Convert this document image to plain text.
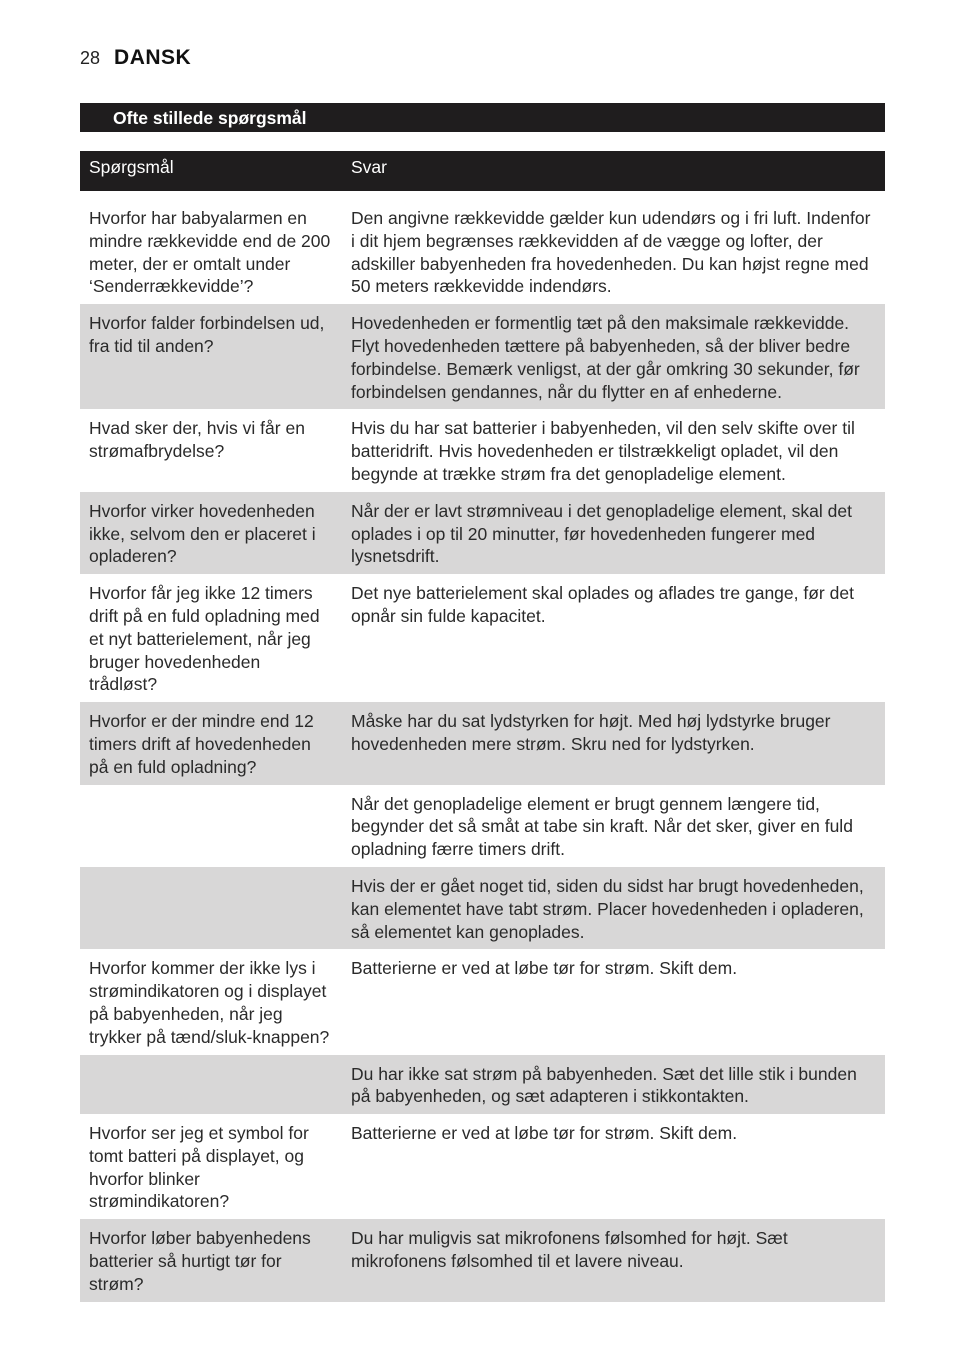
28 DANSK
Ofte stillede spørgsmål
Spørgsmål	Svar

Hvorfor har babyalarmen en mindre rækkevidde end de 200 meter, der er omtalt under ‘Senderrækkevidde’?	Den angivne rækkevidde gælder kun udendørs og i fri luft. Indenfor i dit hjem begrænses rækkevidden af de vægge og lofter, der adskiller babyenheden fra hovedenheden. Du kan højst regne med 50 meters rækkevidde indendørs.
Hvorfor falder forbindelsen ud, fra tid til anden?	Hovedenheden er formentlig tæt på den maksimale rækkevidde. Flyt hovedenheden tættere på babyenheden, så der bliver bedre forbindelse. Bemærk venligst, at der går omkring 30 sekunder, før forbindelsen gendannes, når du flytter en af enhederne.
Hvad sker der, hvis vi får en strømafbrydelse?	Hvis du har sat batterier i babyenheden, vil den selv skifte over til batteridrift. Hvis hovedenheden er tilstrækkeligt opladet, vil den begynde at trække strøm fra det genopladelige element.
Hvorfor virker hovedenheden ikke, selvom den er placeret i opladeren?	Når der er lavt strømniveau i det genopladelige element, skal det oplades i op til 20 minutter, før hovedenheden fungerer med lysnetsdrift.
Hvorfor får jeg ikke 12 timers drift på en fuld opladning med et nyt batterielement, når jeg bruger hovedenheden trådløst?	Det nye batterielement skal oplades og aflades tre gange, før det opnår sin fulde kapacitet.
Hvorfor er der mindre end 12 timers drift af hovedenheden på en fuld opladning?	Måske har du sat lydstyrken for højt. Med høj lydstyrke bruger hovedenheden mere strøm. Skru ned for lydstyrken.
	Når det genopladelige element er brugt gennem længere tid, begynder det så småt at tabe sin kraft. Når det sker, giver en fuld opladning færre timers drift.
	Hvis der er gået noget tid, siden du sidst har brugt hovedenheden, kan elementet have tabt strøm. Placer hovedenheden i opladeren, så elementet kan genoplades.
Hvorfor kommer der ikke lys i strømindikatoren og i displayet på babyenheden, når jeg trykker på tænd/sluk-knappen?	Batterierne er ved at løbe tør for strøm. Skift dem.
	Du har ikke sat strøm på babyenheden. Sæt det lille stik i bunden på babyenheden, og sæt adapteren i stikkontakten.
Hvorfor ser jeg et symbol for tomt batteri på displayet, og hvorfor blinker strømindikatoren?	Batterierne er ved at løbe tør for strøm. Skift dem.
Hvorfor løber babyenhedens batterier så hurtigt tør for strøm?	Du har muligvis sat mikrofonens følsomhed for højt. Sæt mikrofonens følsomhed til et lavere niveau.
